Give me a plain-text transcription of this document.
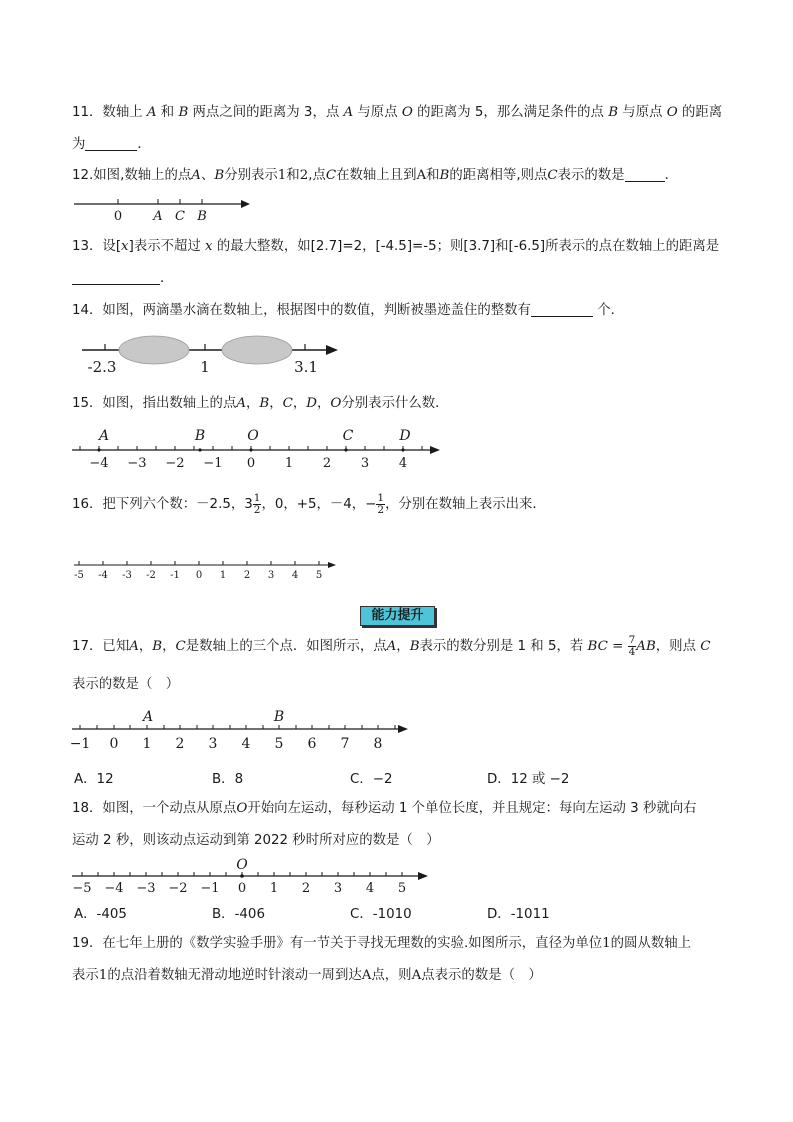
11．数轴上 A 和 B 两点之间的距离为 3，点 A 与原点 O 的距离为 5，那么满足条件的点 B 与原点 O 的距离
为	．
12.如图,数轴上的点A、B分别表示1和2,点C在数轴上且到A和B的距离相等,则点C表示的数是	．
0 A C B
13．设[x]表示不超过 x 的最大整数，如[2.7]=2，[-4.5]=-5；则[3.7]和[-6.5]所表示的点在数轴上的距离是
．
14．如图，两滴墨水滴在数轴上，根据图中的数值，判断被墨迹盖住的整数有	个．
-2.3	1	3.1
15．如图，指出数轴上的点A，B，C，D，O分别表示什么数．
A	B	O	C	D
−4 −3 −2 −1 0 1 2 3 4
16．把下列六个数：－2.5，$3 \frac{1}{2}$ ，0，+5，－4，− $\frac{1}{2}$ ，分别在数轴上表示出来．
-5 -4 -3 -2 -1 0 1 2 3 4 5
能力提升
17．已知A，B，C是数轴上的三个点．如图所示，点A，B表示的数分别是 1 和 5，若 BC = $\frac{7}{4}$ AB，则点 C
表示的数是（　）
A	B
−1 0 1 2 3 4 5 6 7 8
A．12	B．8	C．−2	D．12 或 −2
18．如图，一个动点从原点O开始向左运动，每秒运动 1 个单位长度，并且规定：每向左运动 3 秒就向右
运动 2 秒，则该动点运动到第 2022 秒时所对应的数是（　）
O
−5 −4 −3 −2 −1 0 1 2 3 4 5
A．-405	B．-406	C．-1010	D．-1011
19．在七年上册的《数学实验手册》有一节关于寻找无理数的实验.如图所示，直径为单位1的圆从数轴上
表示1的点沿着数轴无滑动地逆时针滚动一周到达A点，则A点表示的数是（　）
